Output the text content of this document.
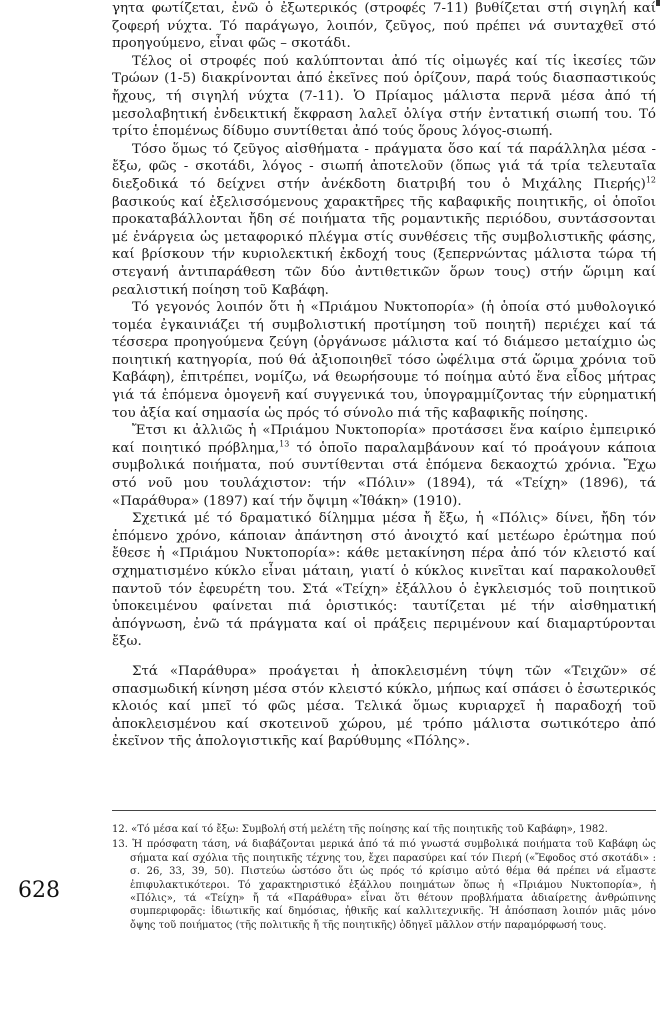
γητα φωτίζεται, ἐνῶ ὁ ἐξωτερικός (στροφές 7-11) βυθίζεται στή σιγηλή καί ζοφερή νύχτα. Τό παράγωγο, λοιπόν, ζεῦγος, πού πρέπει νά συνταχθεῖ στό προηγούμενο, εἶναι φῶς – σκοτάδι.

Τέλος οἱ στροφές πού καλύπτονται ἀπό τίς οἰμωγές καί τίς ἱκεσίες τῶν Τρώων (1-5) διακρίνονται ἀπό ἐκεῖνες πού ὁρίζουν, παρά τούς διασπαστικούς ἤχους, τή σιγηλή νύχτα (7-11). Ὁ Πρίαμος μάλιστα περνᾶ μέσα ἀπό τή μεσολαβητική ἐνδεικτική ἔκφραση λαλεῖ ὀλίγα στήν ἐντατική σιωπή του. Τό τρίτο ἑπομένως δίδυμο συντίθεται ἀπό τούς ὅρους λόγος-σιωπή.

Τόσο ὅμως τό ζεῦγος αἰσθήματα - πράγματα ὅσο καί τά παράλληλα μέσα - ἔξω, φῶς - σκοτάδι, λόγος - σιωπή ἀποτελοῦν (ὅπως γιά τά τρία τελευταῖα διεξοδικά τό δείχνει στήν ἀνέκδοτη διατριβή του ὁ Μιχάλης Πιερής)$^{12}$ βασικούς καί ἐξελισσόμενους χαρακτῆρες τῆς καβαφικῆς ποιητικῆς, οἱ ὁποῖοι προκαταβάλλονται ἤδη σέ ποιήματα τῆς ρομαντικῆς περιόδου, συντάσσονται μέ ἐνάργεια ὡς μεταφορικό πλέγμα στίς συνθέσεις τῆς συμβολιστικῆς φάσης, καί βρίσκουν τήν κυριολεκτική ἐκδοχή τους (ξεπερνώντας μάλιστα τώρα τή στεγανή ἀντιπαράθεση τῶν δύο ἀντιθετικῶν ὅρων τους) στήν ὥριμη καί ρεαλιστική ποίηση τοῦ Καβάφη.

Τό γεγονός λοιπόν ὅτι ἡ «Πριάμου Νυκτοπορία» (ἡ ὁποία στό μυθολογικό τομέα ἐγκαινιάζει τή συμβολιστική προτίμηση τοῦ ποιητῆ) περιέχει καί τά τέσσερα προηγούμενα ζεύγη (ὀργάνωσε μάλιστα καί τό διάμεσο μεταίχμιο ὡς ποιητική κατηγορία, πού θά ἀξιοποιηθεῖ τόσο ὠφέλιμα στά ὥριμα χρόνια τοῦ Καβάφη), ἐπιτρέπει, νομίζω, νά θεωρήσουμε τό ποίημα αὐτό ἕνα εἶδος μήτρας γιά τά ἑπόμενα ὁμογενῆ καί συγγενικά του, ὑπογραμμίζοντας τήν εὑρηματική του ἀξία καί σημασία ὡς πρός τό σύνολο πιά τῆς καβαφικῆς ποίησης.

Ἔτσι κι ἀλλιῶς ἡ «Πριάμου Νυκτοπορία» προτάσσει ἕνα καίριο ἐμπειρικό καί ποιητικό πρόβλημα,$^{13}$ τό ὁποῖο παραλαμβάνουν καί τό προάγουν κάποια συμβολικά ποιήματα, πού συντίθενται στά ἑπόμενα δεκαοχτώ χρόνια. Ἔχω στό νοῦ μου τουλάχιστον: τήν «Πόλιν» (1894), τά «Τείχη» (1896), τά «Παράθυρα» (1897) καί τήν ὄψιμη «Ἰθάκη» (1910).

Σχετικά μέ τό δραματικό δίλημμα μέσα ἤ ἔξω, ἡ «Πόλις» δίνει, ἤδη τόν ἑπόμενο χρόνο, κάποιαν ἀπάντηση στό ἀνοιχτό καί μετέωρο ἐρώτημα πού ἔθεσε ἡ «Πριάμου Νυκτοπορία»: κάθε μετακίνηση πέρα ἀπό τόν κλειστό καί σχηματισμένο κύκλο εἶναι μάταιη, γιατί ὁ κύκλος κινεῖται καί παρακολουθεῖ παντοῦ τόν ἐφευρέτη του. Στά «Τείχη» ἐξάλλου ὁ ἐγκλεισμός τοῦ ποιητικοῦ ὑποκειμένου φαίνεται πιά ὁριστικός: ταυτίζεται μέ τήν αἰσθηματική ἀπόγνωση, ἐνῶ τά πράγματα καί οἱ πράξεις περιμένουν καί διαμαρτύρονται ἔξω.

Στά «Παράθυρα» προάγεται ἡ ἀποκλεισμένη τύψη τῶν «Τειχῶν» σέ σπασμωδική κίνηση μέσα στόν κλειστό κύκλο, μήπως καί σπάσει ὁ ἐσωτερικός κλοιός καί μπεῖ τό φῶς μέσα. Τελικά ὅμως κυριαρχεῖ ἡ παραδοχή τοῦ ἀποκλεισμένου καί σκοτεινοῦ χώρου, μέ τρόπο μάλιστα σωτικότερο ἀπό ἐκεῖνον τῆς ἀπολογιστικῆς καί βαρύθυμης «Πόλης».

12. «Τό μέσα καί τό ἔξω: Συμβολή στή μελέτη τῆς ποίησης καί τῆς ποιητικῆς τοῦ Καβάφη», 1982.

13. Ἡ πρόσφατη τάση, νά διαβάζονται μερικά ἀπό τά πιό γνωστά συμβολικά ποιήματα τοῦ Καβάφη ὡς σήματα καί σχόλια τῆς ποιητικῆς τέχνης του, ἔχει παρασύρει καί τόν Πιερή («Ἔφοδος στό σκοτάδι» : σ. 26, 33, 39, 50). Πιστεύω ὡστόσο ὅτι ὡς πρός τό κρίσιμο αὐτό θέμα θά πρέπει νά εἴμαστε ἐπιφυλακτικότεροι. Τό χαρακτηριστικό ἐξάλλου ποιημάτων ὅπως ἡ «Πριάμου Νυκτοπορία», ἡ «Πόλις», τά «Τείχη» ἤ τά «Παράθυρα» εἶναι ὅτι θέτουν προβλήματα ἀδιαίρετης ἀνθρώπινης συμπεριφορᾶς: ἰδιωτικῆς καί δημόσιας, ἠθικῆς καί καλλιτεχνικῆς. Ἡ ἀπόσπαση λοιπόν μιᾶς μόνο ὄψης τοῦ ποιήματος (τῆς πολιτικῆς ἤ τῆς ποιητικῆς) ὁδηγεῖ μᾶλλον στήν παραμόρφωσή τους.

628
